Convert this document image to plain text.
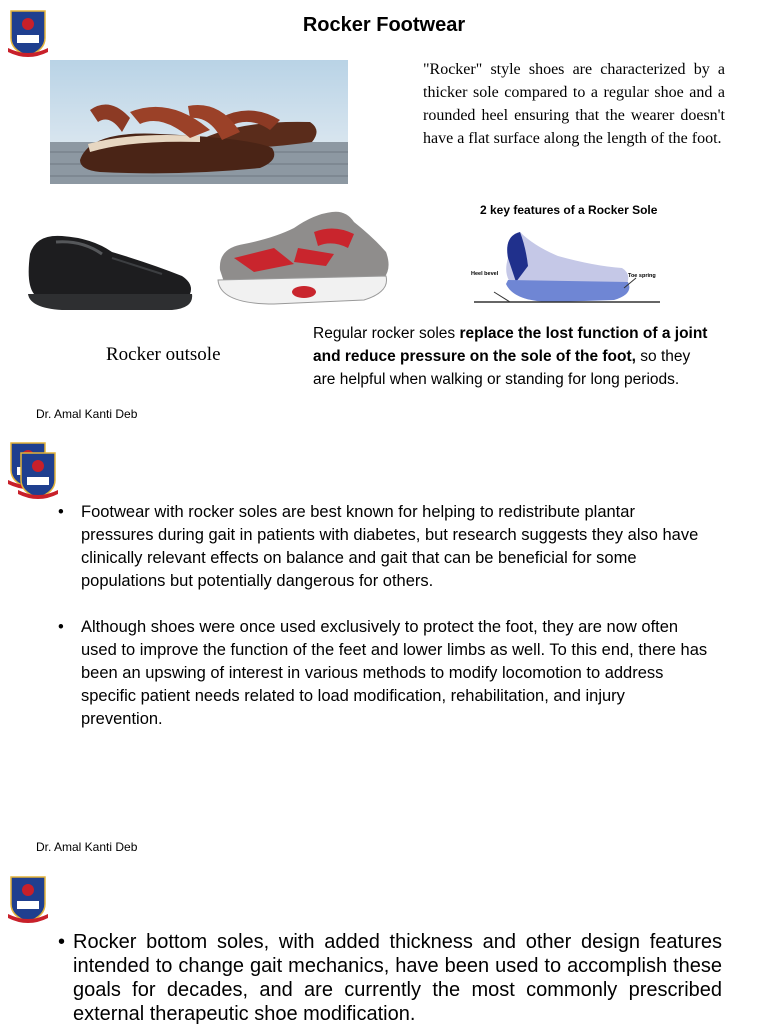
Rocker Footwear

"Rocker" style shoes are characterized by a thicker sole compared to a regular shoe and a rounded heel ensuring that the wearer doesn't have a flat surface along the length of the foot.

2 key features of a Rocker Sole
Heel bevel	Toe spring
Rocker outsole

Regular rocker soles replace the lost function of a joint and reduce pressure on the sole of the foot, so they are helpful when walking or standing for long periods.

Dr. Amal Kanti Deb
• Footwear with rocker soles are best known for helping to redistribute plantar pressures during gait in patients with diabetes, but research suggests they also have clinically relevant effects on balance and gait that can be beneficial for some populations but potentially dangerous for others.
• Although shoes were once used exclusively to protect the foot, they are now often used to improve the function of the feet and lower limbs as well. To this end, there has been an upswing of interest in various methods to modify locomotion to address specific patient needs related to load modification, rehabilitation, and injury prevention.
Dr. Amal Kanti Deb

• Rocker bottom soles, with added thickness and other design features intended to change gait mechanics, have been used to accomplish these goals for decades, and are currently the most commonly prescribed external therapeutic shoe modification.
